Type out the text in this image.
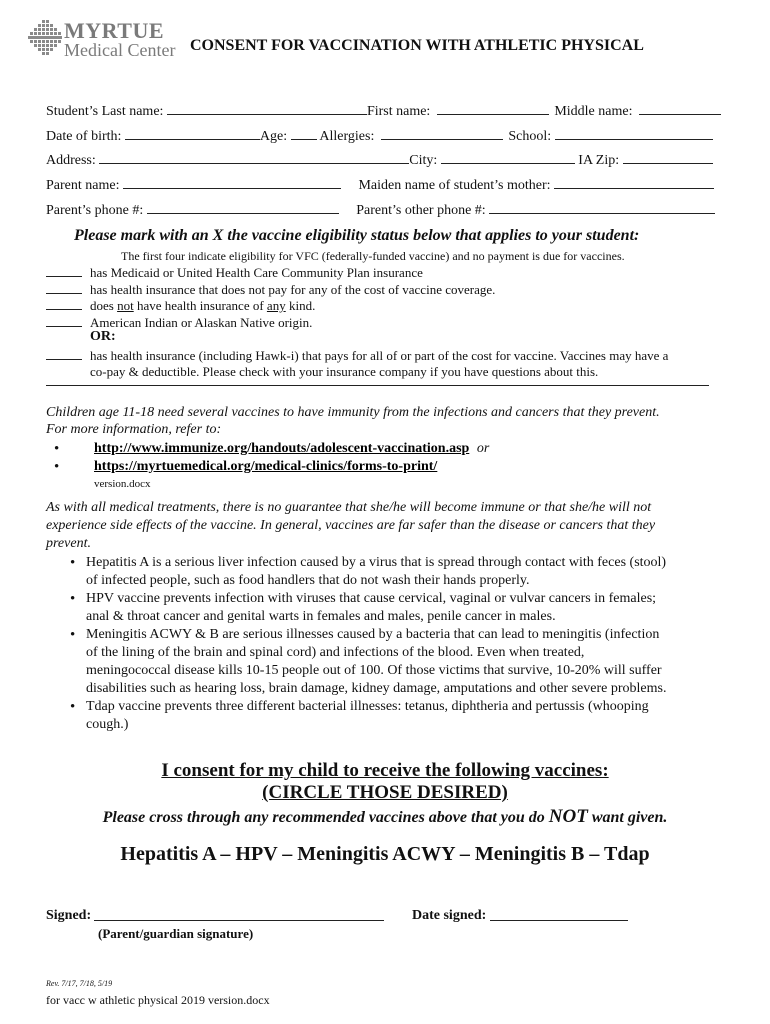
MYRTUE
Medical Center CONSENT FOR VACCINATION WITH ATHLETIC PHYSICAL
Student’s Last name:	First name:	Middle name:
Date of birth:	Age: Allergies:	School:
Address:	City:	IA Zip:
Parent name:	Maiden name of student’s mother:
Parent’s phone #:	Parent’s other phone #:
Please mark with an X the vaccine eligibility status below that applies to your student:
The first four indicate eligibility for VFC (federally-funded vaccine) and no payment is due for vaccines.
has Medicaid or United Health Care Community Plan insurance
has health insurance that does not pay for any of the cost of vaccine coverage.
does not have health insurance of any kind.
American Indian or Alaskan Native origin.
OR:
has health insurance (including Hawk-i) that pays for all of or part of the cost for vaccine. Vaccines may have a
co-pay & deductible. Please check with your insurance company if you have questions about this.
Children age 11-18 need several vaccines to have immunity from the infections and cancers that they prevent.
For more information, refer to:
• http://www.immunize.org/handouts/adolescent-vaccination.asp or
• https://myrtuemedical.org/medical-clinics/forms-to-print/
version.docx
As with all medical treatments, there is no guarantee that she/he will become immune or that she/he will not
experience side effects of the vaccine. In general, vaccines are far safer than the disease or cancers that they
prevent.
• Hepatitis A is a serious liver infection caused by a virus that is spread through contact with feces (stool)
of infected people, such as food handlers that do not wash their hands properly.
• HPV vaccine prevents infection with viruses that cause cervical, vaginal or vulvar cancers in females;
anal & throat cancer and genital warts in females and males, penile cancer in males.
• Meningitis ACWY & B are serious illnesses caused by a bacteria that can lead to meningitis (infection
of the lining of the brain and spinal cord) and infections of the blood. Even when treated,
meningococcal disease kills 10-15 people out of 100. Of those victims that survive, 10-20% will suffer
disabilities such as hearing loss, brain damage, kidney damage, amputations and other severe problems.
• Tdap vaccine prevents three different bacterial illnesses: tetanus, diphtheria and pertussis (whooping
cough.)
I consent for my child to receive the following vaccines:
(CIRCLE THOSE DESIRED)
Please cross through any recommended vaccines above that you do NOT want given.
Hepatitis A – HPV – Meningitis ACWY – Meningitis B – Tdap
Signed:
(Parent/guardian signature)
Date signed:
Rev. 7/17, 7/18, 5/19
for vacc w athletic physical 2019 version.docx
